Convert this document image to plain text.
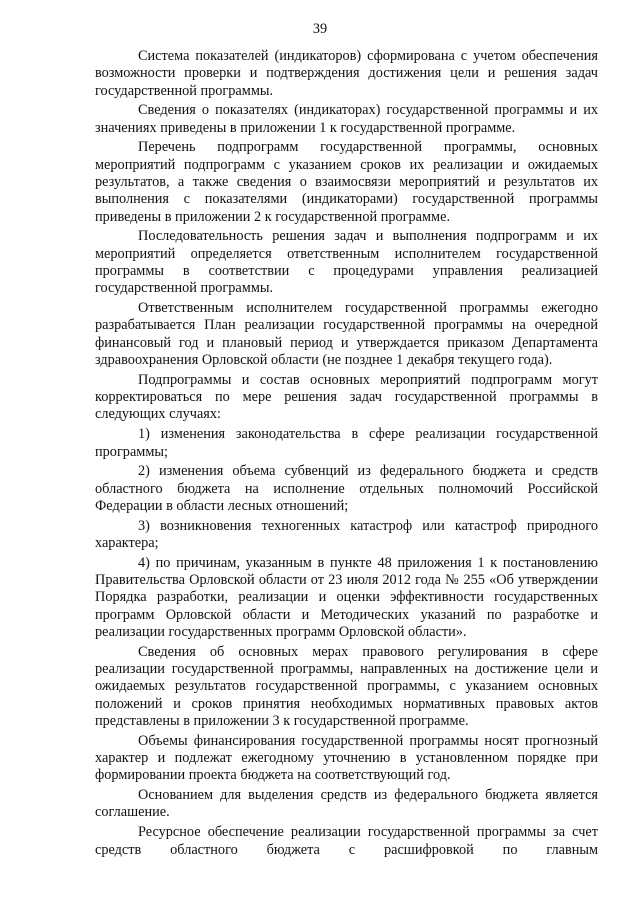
39

Система показателей (индикаторов) сформирована с учетом обеспечения возможности проверки и подтверждения достижения цели и решения задач государственной программы.

Сведения о показателях (индикаторах) государственной программы и их значениях приведены в приложении 1 к государственной программе.

Перечень подпрограмм государственной программы, основных мероприятий подпрограмм с указанием сроков их реализации и ожидаемых результатов, а также сведения о взаимосвязи мероприятий и результатов их выполнения с показателями (индикаторами) государственной программы приведены в приложении 2 к государственной программе.

Последовательность решения задач и выполнения подпрограмм и их мероприятий определяется ответственным исполнителем государственной программы в соответствии с процедурами управления реализацией государственной программы.

Ответственным исполнителем государственной программы ежегодно разрабатывается План реализации государственной программы на очередной финансовый год и плановый период и утверждается приказом Департамента здравоохранения Орловской области (не позднее 1 декабря текущего года).

Подпрограммы и состав основных мероприятий подпрограмм могут корректироваться по мере решения задач государственной программы в следующих случаях:

1) изменения законодательства в сфере реализации государственной программы;

2) изменения объема субвенций из федерального бюджета и средств областного бюджета на исполнение отдельных полномочий Российской Федерации в области лесных отношений;

3) возникновения техногенных катастроф или катастроф природного характера;

4) по причинам, указанным в пункте 48 приложения 1 к постановлению Правительства Орловской области от 23 июля 2012 года № 255 «Об утверждении Порядка разработки, реализации и оценки эффективности государственных программ Орловской области и Методических указаний по разработке и реализации государственных программ Орловской области».

Сведения об основных мерах правового регулирования в сфере реализации государственной программы, направленных на достижение цели и ожидаемых результатов государственной программы, с указанием основных положений и сроков принятия необходимых нормативных правовых актов представлены в приложении 3 к государственной программе.

Объемы финансирования государственной программы носят прогнозный характер и подлежат ежегодному уточнению в установленном порядке при формировании проекта бюджета на соответствующий год.

Основанием для выделения средств из федерального бюджета является соглашение.

Ресурсное обеспечение реализации государственной программы за счет средств областного бюджета с расшифровкой по главным
